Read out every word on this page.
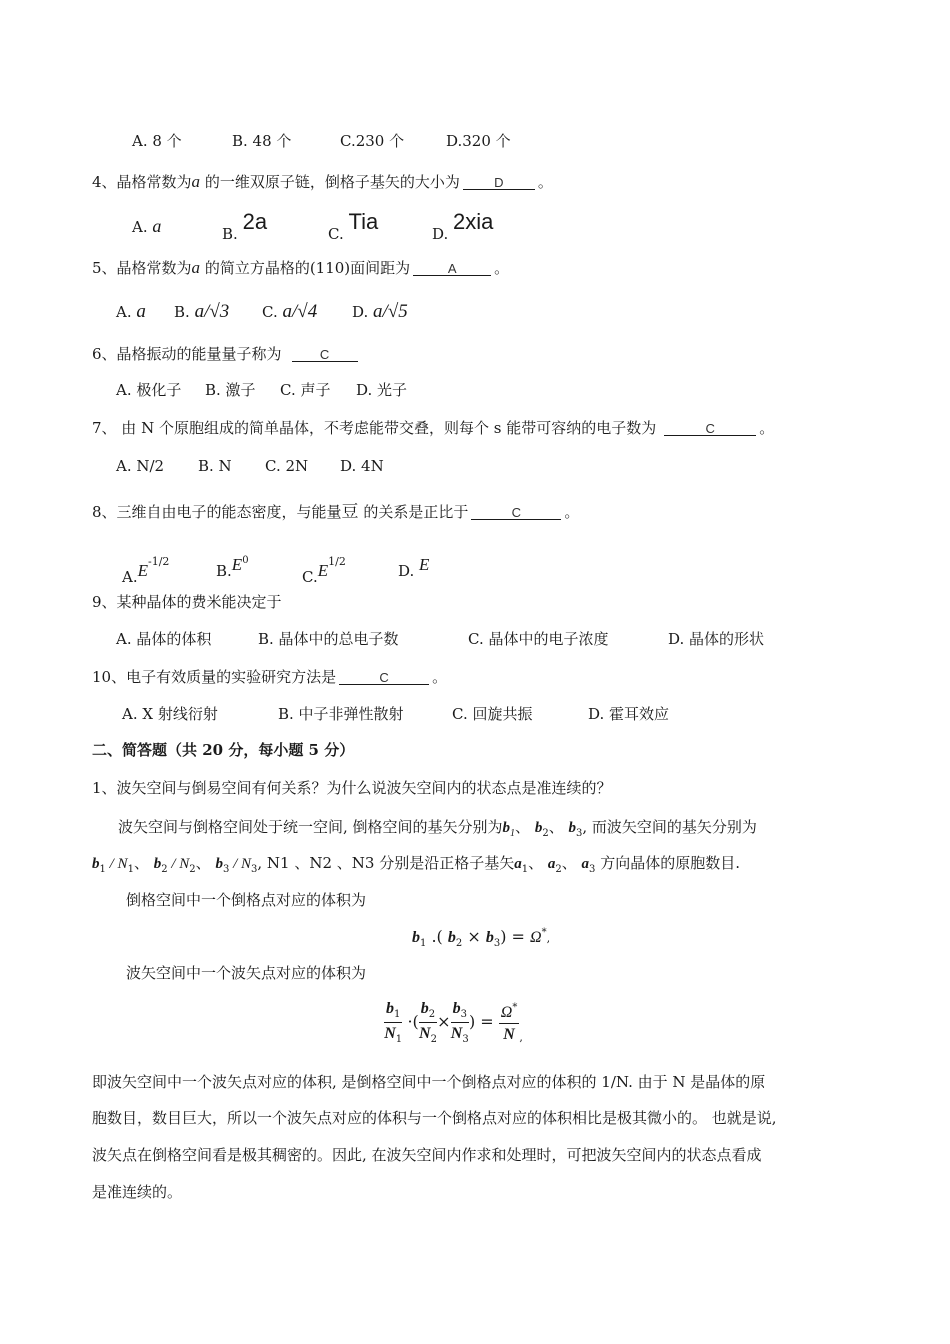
A. 8 个	B. 48 个	C.230 个	D.320 个
4、晶格常数为a 的一维双原子链，倒格子基矢的大小为	D 。
A. a	B. 2a	C. Tia	D. 2xia
5、晶格常数为a 的简立方晶格的(110)面间距为	A	。
A. a B. a/√3 C. a/√4 D. a/√5
6、晶格振动的能量量子称为	C
A. 极化子 B. 激子 C. 声子 D. 光子
7、 由 N 个原胞组成的简单晶体，不考虑能带交叠，则每个 s 能带可容纳的电子数为	C	。
A. N/2 B. N C. 2N D. 4N
8、三维自由电子的能态密度，与能量豆 的关系是正比于	C	。
$A.E^{-1/2}$
$B.E^0$
$C.E^{1/2}$
D. E
9、某种晶体的费米能决定于
A. 晶体的体积	B. 晶体中的总电子数	C. 晶体中的电子浓度	D. 晶体的形状
10、电子有效质量的实验研究方法是	C	。
A. X 射线衍射	B. 中子非弹性散射	C. 回旋共振	D. 霍耳效应
二、简答题（共 20 分，每小题 5 分）
1、波矢空间与倒易空间有何关系？为什么说波矢空间内的状态点是准连续的？
波矢空间与倒格空间处于统一空间, 倒格空间的基矢分别为$b_1$、 $b_2$、 $b_3$, 而波矢空间的基矢分别为
$b_1 / N_1$、 $b_2 / N_2$、 $b_3 / N_3$, N1 、N2 、N3 分别是沿正格子基矢$a_1$、 $a_2$、 $a_3$ 方向晶体的原胞数目.
倒格空间中一个倒格点对应的体积为
$b_1$ .( $b_2 \times b_3) = \Omega^*$,
波矢空间中一个波矢点对应的体积为
$\frac{b_1}{N_1}$ ·( $\frac{b_2}{N_2} \times \frac{b_3}{N_3}$ ) = $\frac{\Omega^*}{N} _,$
即波矢空间中一个波矢点对应的体积, 是倒格空间中一个倒格点对应的体积的 1/N. 由于 N 是晶体的原
胞数目，数目巨大，所以一个波矢点对应的体积与一个倒格点对应的体积相比是极其微小的。 也就是说,
波矢点在倒格空间看是极其稠密的。因此, 在波矢空间内作求和处理时，可把波矢空间内的状态点看成
是准连续的。
